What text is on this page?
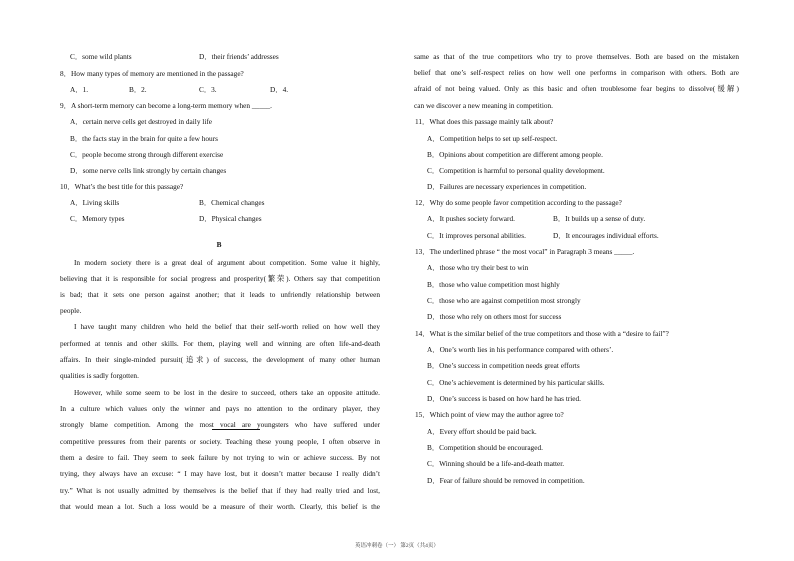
C．some wild plants	D．their friends’ addresses
8．How many types of memory are mentioned in the passage?
A．1.	B．2.	C．3.	D．4.
9．A short-term memory can become a long-term memory when _____.
A．certain nerve cells get destroyed in daily life
B．the facts stay in the brain for quite a few hours
C．people become strong through different exercise
D．some nerve cells link strongly by certain changes
10．What’s the best title for this passage?
A．Living skills	B．Chemical changes
C．Memory types	D．Physical changes
B
In modern society there is a great deal of argument about competition. Some value it highly,
believing that it is responsible for social progress and prosperity(繁荣). Others say that competition
is bad; that it sets one person against another; that it leads to unfriendly relationship between
people.
I have taught many children who held the belief that their self-worth relied on how well they
performed at tennis and other skills. For them, playing well and winning are often life-and-death
affairs. In their single-minded pursuit(追求) of success, the development of many other human
qualities is sadly forgotten.
However, while some seem to be lost in the desire to succeed, others take an opposite attitude.
In a culture which values only the winner and pays no attention to the ordinary player, they
strongly blame competition. Among the most vocal are youngsters who have suffered under
competitive pressures from their parents or society. Teaching these young people, I often observe in
them a desire to fail. They seem to seek failure by not trying to win or achieve success. By not
trying, they always have an excuse: “ I may have lost, but it doesn’t matter because I really didn’t
try.” What is not usually admitted by themselves is the belief that if they had really tried and lost,
that would mean a lot. Such a loss would be a measure of their worth. Clearly, this belief is the
same as that of the true competitors who try to prove themselves. Both are based on the mistaken
belief that one’s self-respect relies on how well one performs in comparison with others. Both are
afraid of not being valued. Only as this basic and often troublesome fear begins to dissolve(缓解)
can we discover a new meaning in competition.
11．What does this passage mainly talk about?
A．Competition helps to set up self-respect.
B．Opinions about competition are different among people.
C．Competition is harmful to personal quality development.
D．Failures are necessary experiences in competition.
12．Why do some people favor competition according to the passage?
A．It pushes society forward.	B．It builds up a sense of duty.
C．It improves personal abilities.	D．It encourages individual efforts.
13．The underlined phrase “ the most vocal” in Paragraph 3 means _____.
A．those who try their best to win
B．those who value competition most highly
C．those who are against competition most strongly
D．those who rely on others most for success
14．What is the similar belief of the true competitors and those with a “desire to fail”?
A．One’s worth lies in his performance compared with others’.
B．One’s success in competition needs great efforts
C．One’s achievement is determined by his particular skills.
D．One’s success is based on how hard he has tried.
15．Which point of view may the author agree to?
A．Every effort should be paid back.
B．Competition should be encouraged.
C．Winning should be a life-and-death matter.
D．Fear of failure should be removed in competition.
英语冲刺卷（一） 第2页（共4页）
